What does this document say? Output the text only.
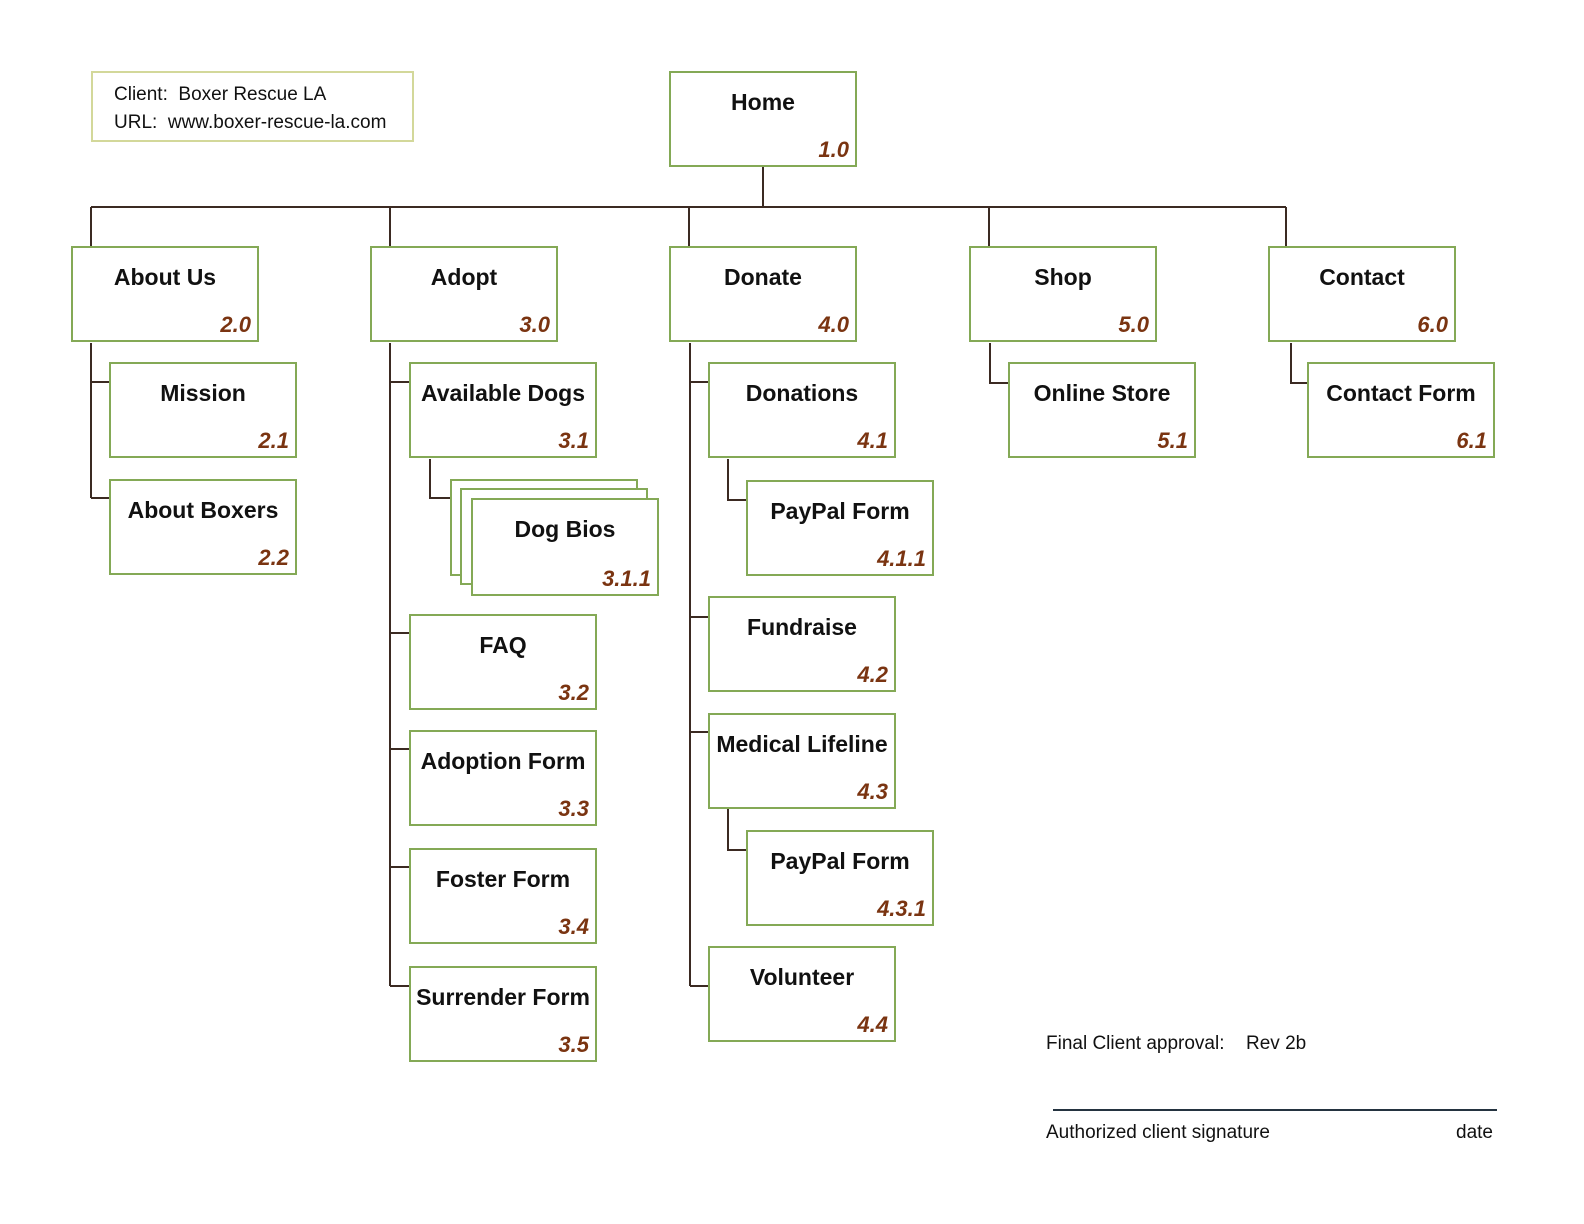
Client: Boxer Rescue LA
URL: www.boxer-rescue-la.com
Home
1.0
About Us
2.0
Adopt
3.0
Donate
4.0
Shop
5.0
Contact
6.0
Mission
2.1
About Boxers
2.2
Available Dogs
3.1
Dog Bios
3.1.1
FAQ
3.2
Adoption Form
3.3
Foster Form
3.4
Surrender Form
3.5
Donations
4.1
PayPal Form
4.1.1
Fundraise
4.2
Medical Lifeline
4.3
PayPal Form
4.3.1
Volunteer
4.4
Online Store
5.1
Contact Form
6.1
Final Client approval: Rev 2b
Authorized client signature	date
